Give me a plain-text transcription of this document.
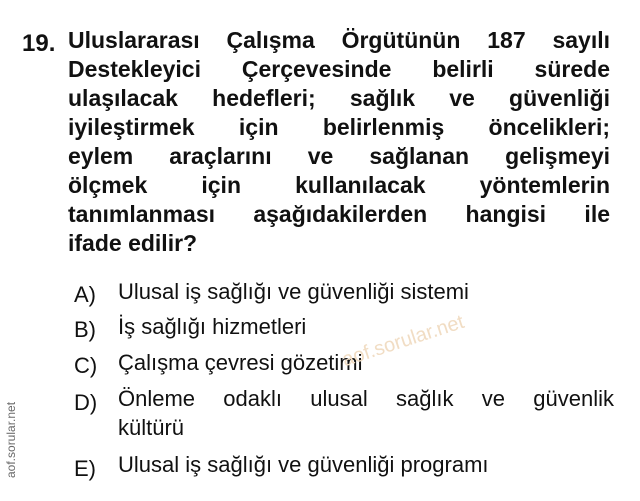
19. Uluslararası Çalışma Örgütünün 187 sayılı
Destekleyici Çerçevesinde belirli sürede
ulaşılacak hedefleri; sağlık ve güvenliği
iyileştirmek için belirlenmiş öncelikleri;
eylem araçlarını ve sağlanan gelişmeyi
ölçmek için kullanılacak yöntemlerin
tanımlanması aşağıdakilerden hangisi ile
ifade edilir?
A) Ulusal iş sağlığı ve güvenliği sistemi
B) İş sağlığı hizmetleri
C) Çalışma çevresi gözetimi
D) Önleme odaklı ulusal sağlık ve güvenlik
kültürü
E) Ulusal iş sağlığı ve güvenliği programı
aof.sorular.net
aof.sorular.net
